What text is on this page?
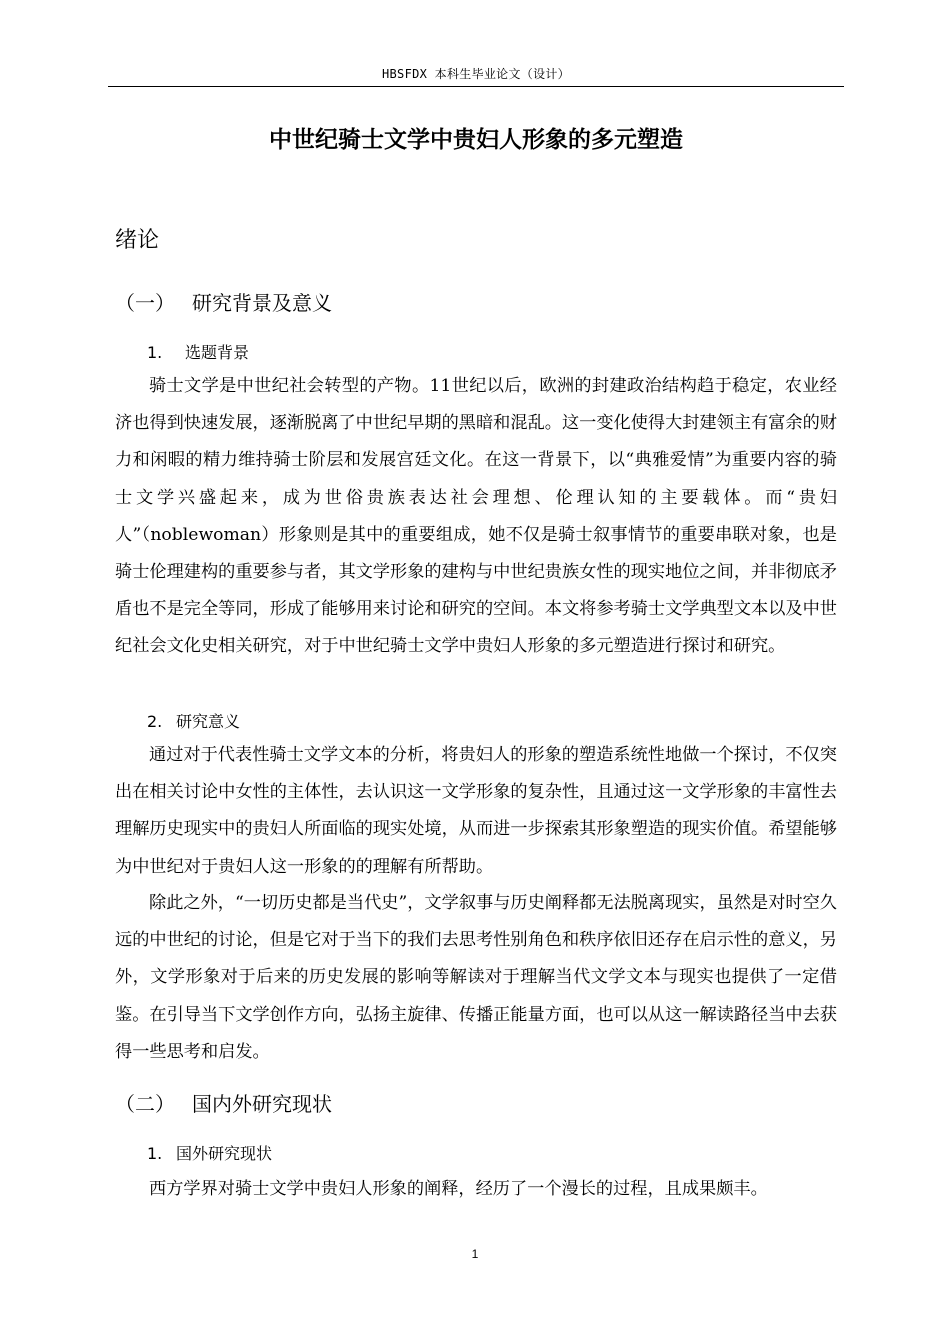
HBSFDX 本科生毕业论文（设计）
中世纪骑士文学中贵妇人形象的多元塑造
绪论
（一） 研究背景及意义
1. 选题背景

骑士文学是中世纪社会转型的产物。11世纪以后，欧洲的封建政治结构趋于稳定，农业经济也得到快速发展，逐渐脱离了中世纪早期的黑暗和混乱。这一变化使得大封建领主有富余的财力和闲暇的精力维持骑士阶层和发展宫廷文化。在这一背景下，以“典雅爱情”为重要内容的骑士文学兴盛起来，成为世俗贵族表达社会理想、伦理认知的主要载体。而“贵妇人”（noblewoman）形象则是其中的重要组成，她不仅是骑士叙事情节的重要串联对象，也是骑士伦理建构的重要参与者，其文学形象的建构与中世纪贵族女性的现实地位之间，并非彻底矛盾也不是完全等同，形成了能够用来讨论和研究的空间。本文将参考骑士文学典型文本以及中世纪社会文化史相关研究，对于中世纪骑士文学中贵妇人形象的多元塑造进行探讨和研究。

2. 研究意义

通过对于代表性骑士文学文本的分析，将贵妇人的形象的塑造系统性地做一个探讨，不仅突出在相关讨论中女性的主体性，去认识这一文学形象的复杂性，且通过这一文学形象的丰富性去理解历史现实中的贵妇人所面临的现实处境，从而进一步探索其形象塑造的现实价值。希望能够为中世纪对于贵妇人这一形象的的理解有所帮助。

除此之外，“一切历史都是当代史”，文学叙事与历史阐释都无法脱离现实，虽然是对时空久远的中世纪的讨论，但是它对于当下的我们去思考性别角色和秩序依旧还存在启示性的意义，另外，文学形象对于后来的历史发展的影响等解读对于理解当代文学文本与现实也提供了一定借鉴。在引导当下文学创作方向，弘扬主旋律、传播正能量方面，也可以从这一解读路径当中去获得一些思考和启发。

（二） 国内外研究现状
1. 国外研究现状

西方学界对骑士文学中贵妇人形象的阐释，经历了一个漫长的过程，且成果颇丰。

1
